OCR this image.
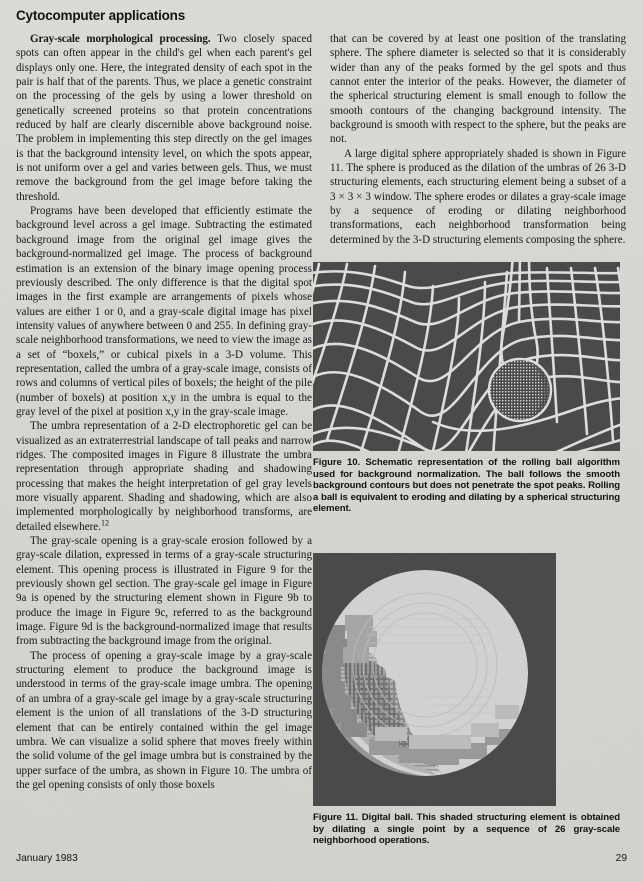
Cytocomputer applications

Gray-scale morphological processing. Two closely spaced spots can often appear in the child's gel when each parent's gel displays only one. Here, the integrated density of each spot in the pair is half that of the parents. Thus, we place a genetic constraint on the processing of the gels by using a lower threshold on genetically screened proteins so that protein concentrations reduced by half are clearly discernible above background noise. The problem in implementing this step directly on the gel images is that the background intensity level, on which the spots appear, is not uniform over a gel and varies between gels. Thus, we must remove the background from the gel image before taking the threshold.

Programs have been developed that efficiently estimate the background level across a gel image. Subtracting the estimated background image from the original gel image gives the background-normalized gel image. The process of background estimation is an extension of the binary image opening process previously described. The only difference is that the digital spot images in the first example are arrangements of pixels whose values are either 1 or 0, and a gray-scale digital image has pixel intensity values of anywhere between 0 and 255. In defining gray-scale neighborhood transformations, we need to view the image as a set of “boxels,” or cubical pixels in a 3-D volume. This representation, called the umbra of a gray-scale image, consists of rows and columns of vertical piles of boxels; the height of the pile (number of boxels) at position x,y in the umbra is equal to the gray level of the pixel at position x,y in the gray-scale image.

The umbra representation of a 2-D electrophoretic gel can be visualized as an extraterrestrial landscape of tall peaks and narrow ridges. The composited images in Figure 8 illustrate the umbra representation through appropriate shading and shadowing processing that makes the height interpretation of gel gray levels more visually apparent. Shading and shadowing, which are also implemented morphologically by neighborhood transforms, are detailed elsewhere.$^{12}$

The gray-scale opening is a gray-scale erosion followed by a gray-scale dilation, expressed in terms of a gray-scale structuring element. This opening process is illustrated in Figure 9 for the previously shown gel section. The gray-scale gel image in Figure 9a is opened by the structuring element shown in Figure 9b to produce the image in Figure 9c, referred to as the background image. Figure 9d is the background-normalized image that results from subtracting the background image from the original.

The process of opening a gray-scale image by a gray-scale structuring element to produce the background image is understood in terms of the gray-scale image umbra. The opening of an umbra of a gray-scale gel image by a gray-scale structuring element is the union of all translations of the 3-D structuring element that can be entirely contained within the gel image umbra. We can visualize a solid sphere that moves freely within the solid volume of the gel image umbra but is constrained by the upper surface of the umbra, as shown in Figure 10. The umbra of the gel opening consists of only those boxels

that can be covered by at least one position of the translating sphere. The sphere diameter is selected so that it is considerably wider than any of the peaks formed by the gel spots and thus cannot enter the interior of the peaks. However, the diameter of the spherical structuring element is small enough to follow the smooth contours of the changing background intensity. The background is smooth with respect to the sphere, but the peaks are not.

A large digital sphere appropriately shaded is shown in Figure 11. The sphere is produced as the dilation of the umbras of 26 3-D structuring elements, each structuring element being a subset of a 3 × 3 × 3 window. The sphere erodes or dilates a gray-scale image by a sequence of eroding or dilating neighborhood transformations, each neighborhood transformation being determined by the 3-D structuring elements composing the sphere.

Figure 10. Schematic representation of the rolling ball algorithm used for background normalization. The ball follows the smooth background contours but does not penetrate the spot peaks. Rolling a ball is equivalent to eroding and dilating by a spherical structuring element.
Figure 11. Digital ball. This shaded structuring element is obtained by dilating a single point by a sequence of 26 gray-scale neighborhood operations.
January 1983	29
